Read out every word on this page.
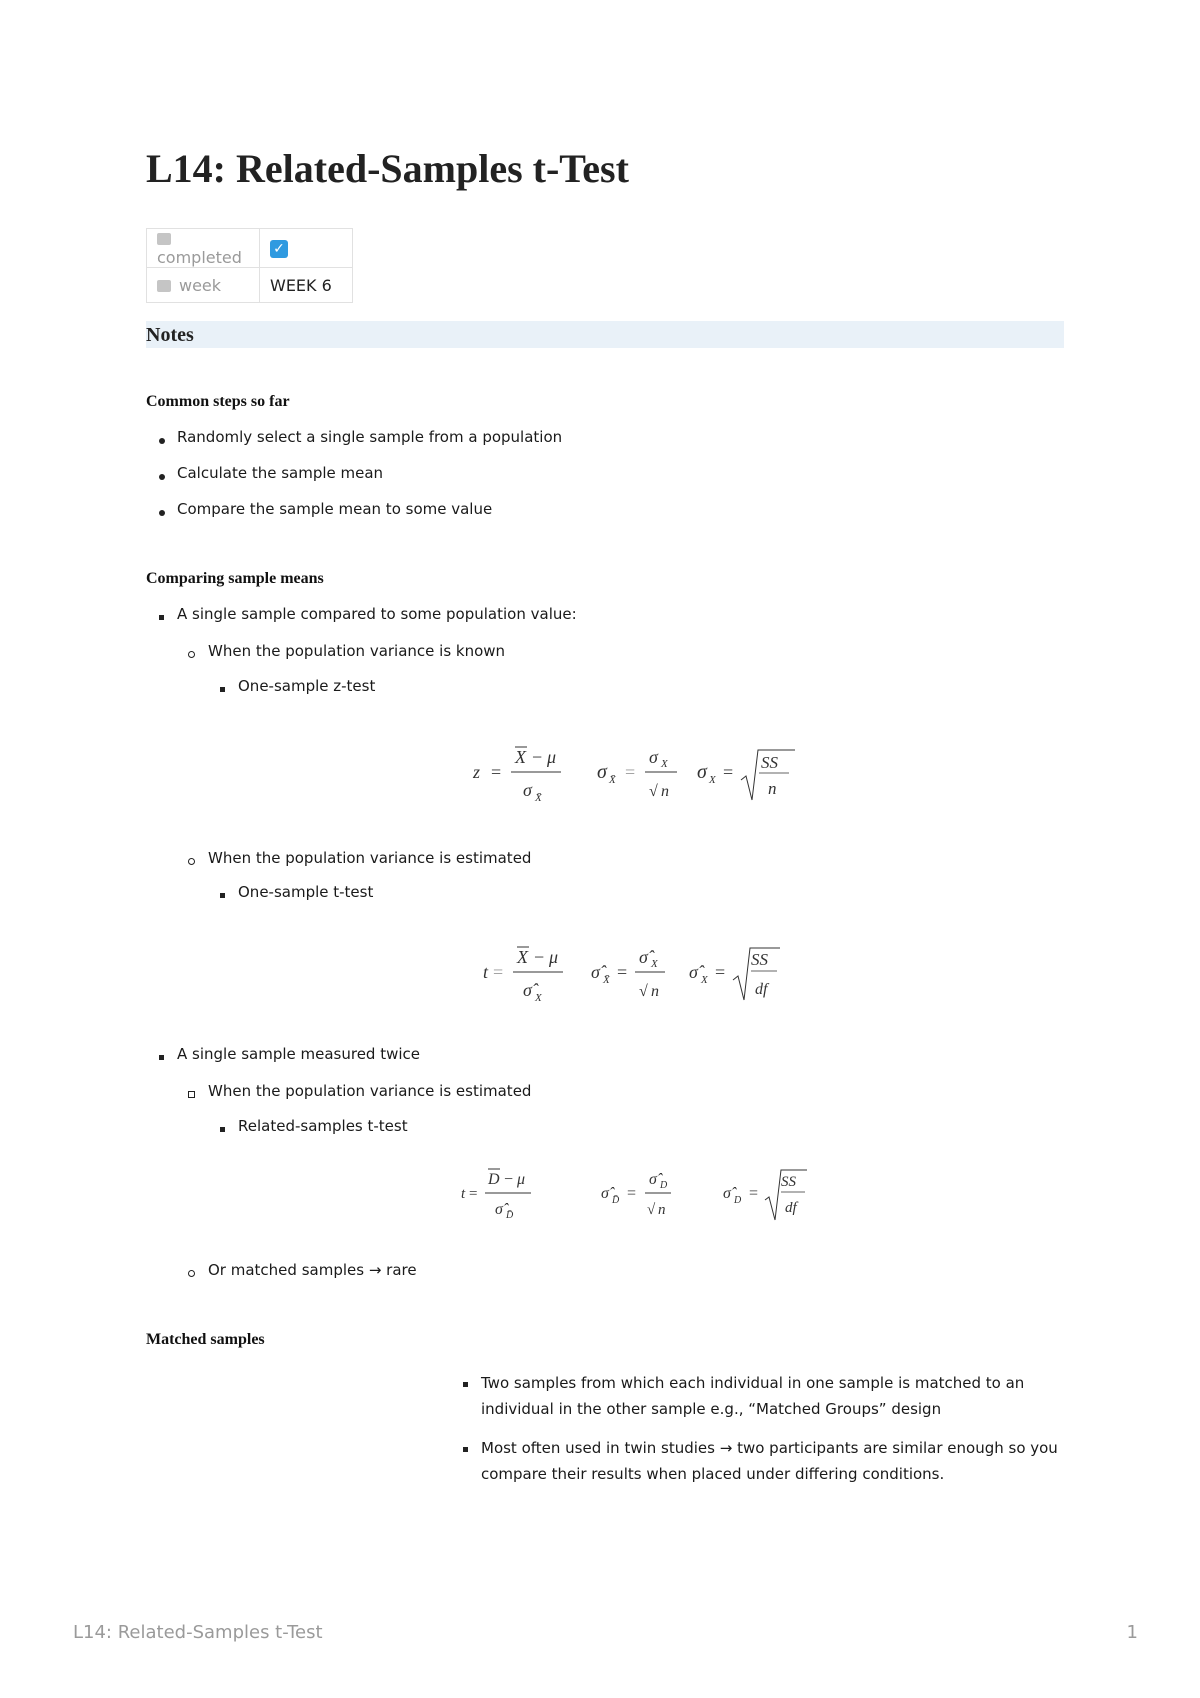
L14: Related-Samples t-Test
completed	✓
week	WEEK 6
Notes
Common steps so far
Randomly select a single sample from a population
Calculate the sample mean
Compare the sample mean to some value
Comparing sample means
A single sample compared to some population value:
When the population variance is known
One-sample z-test
z =
X − μ
σ X̄
σ X̄ =
σ X
√ n
σ X = SS
n
When the population variance is estimated
One-sample t-test
t =
X − μ
σ̂ X
σ̂ X̄ =
σ̂ X
√ n
σ̂ X =
SS
df
A single sample measured twice
When the population variance is estimated
Related-samples t-test
t =
D − μ
σ̂ D̄
σ̂ D̄ =
σ̂ D
√ n
σ̂ D =
SS
df
Or matched samples → rare
Matched samples
Two samples from which each individual in one sample is matched to an individual in the other sample e.g., “Matched Groups” design
Most often used in twin studies → two participants are similar enough so you compare their results when placed under differing conditions.
L14: Related-Samples t-Test	1
